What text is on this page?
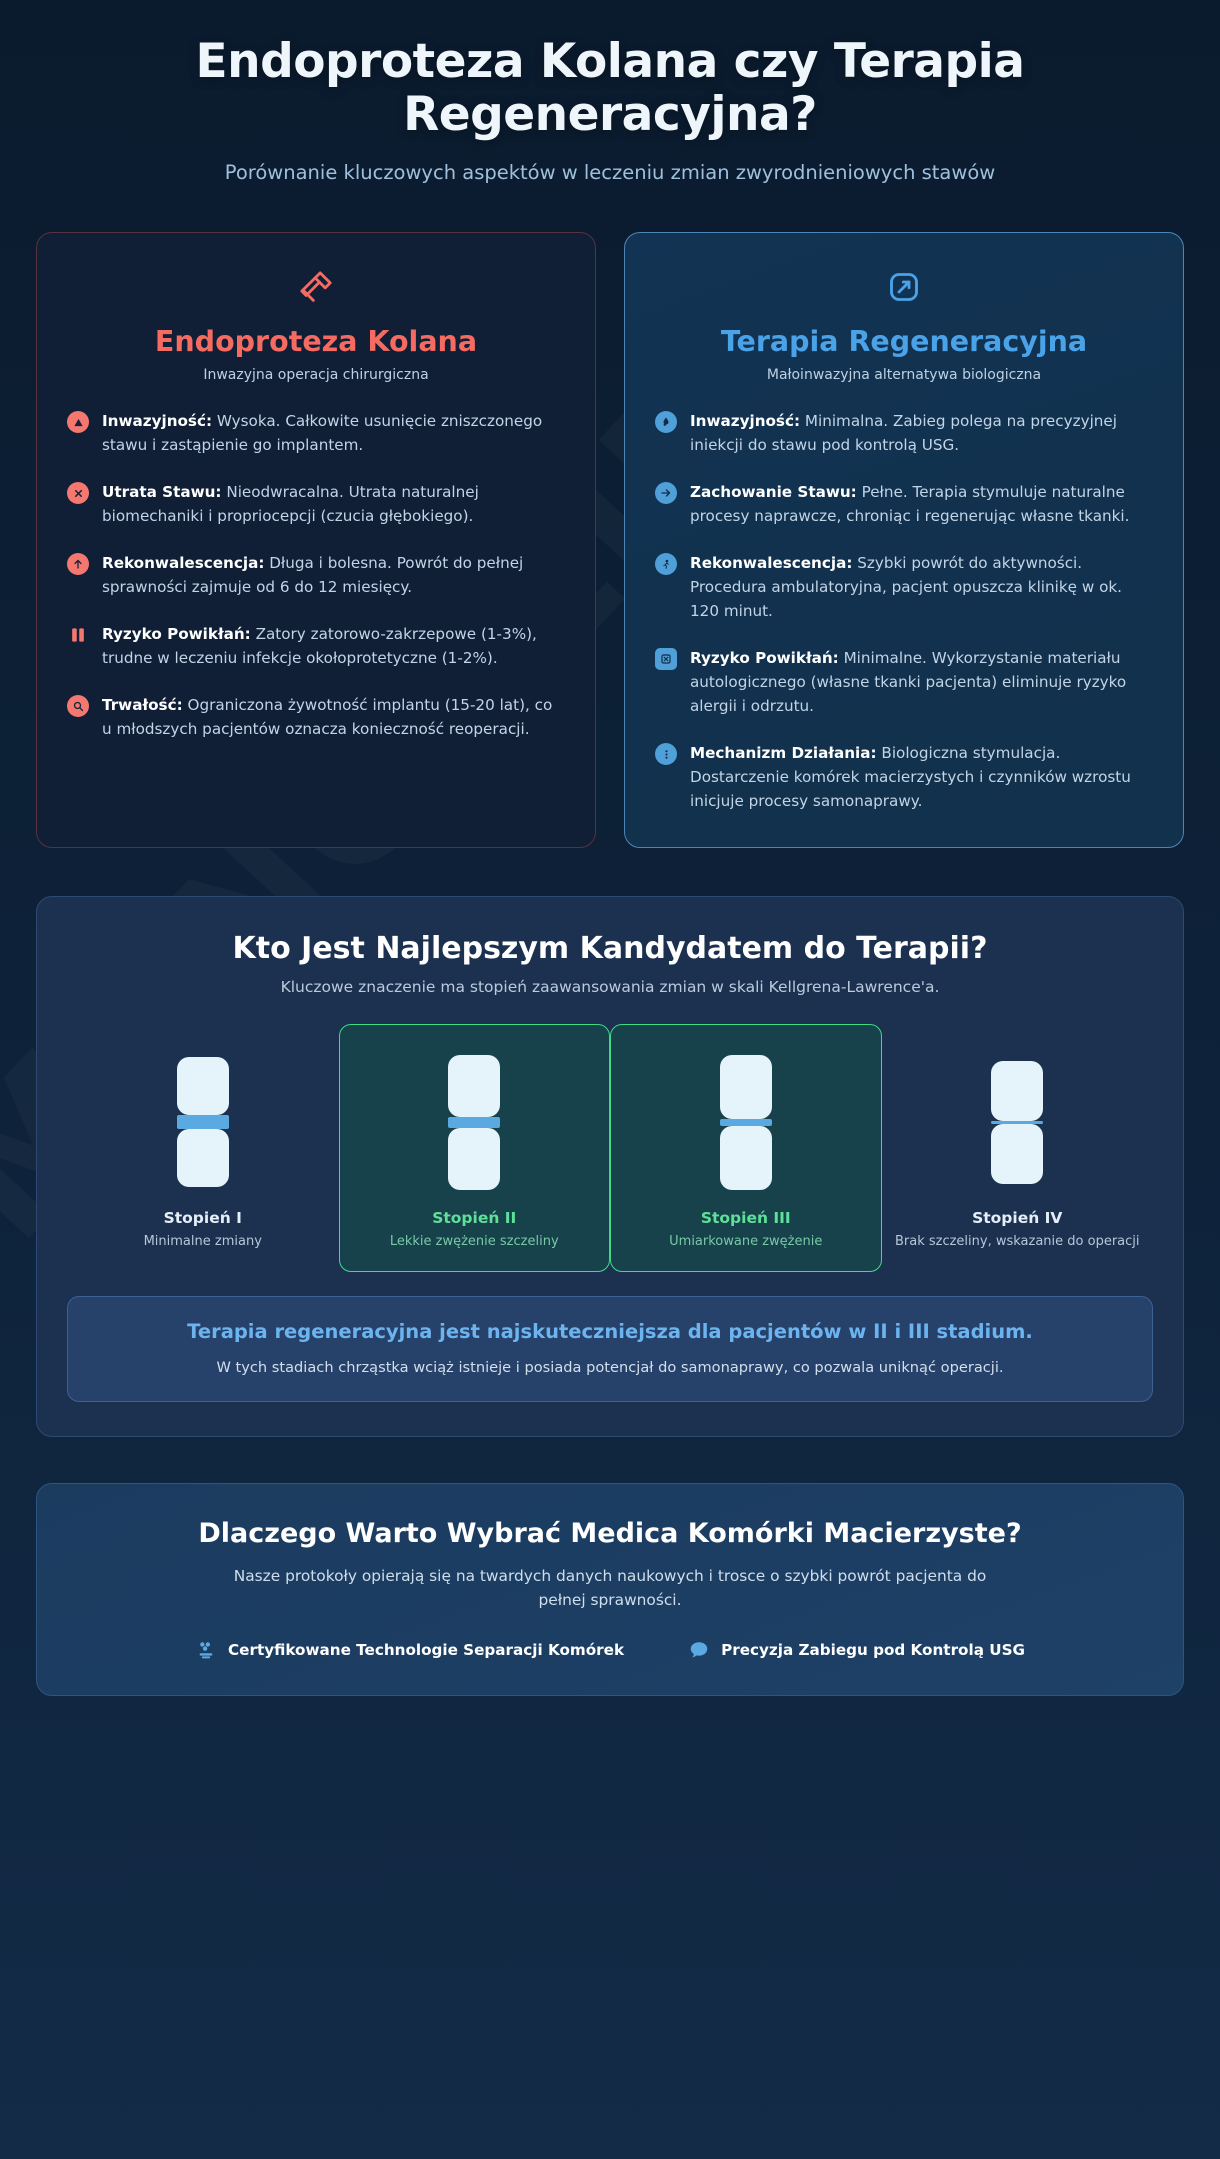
Endoproteza Kolana czy Terapia Regeneracyjna?
Porównanie kluczowych aspektów w leczeniu zmian zwyrodnieniowych stawów
Endoproteza Kolana
Inwazyjna operacja chirurgiczna
Inwazyjność: Wysoka. Całkowite usunięcie zniszczonego stawu i zastąpienie go implantem.
Utrata Stawu: Nieodwracalna. Utrata naturalnej biomechaniki i propriocepcji (czucia głębokiego).
Rekonwalescencja: Długa i bolesna. Powrót do pełnej sprawności zajmuje od 6 do 12 miesięcy.
Ryzyko Powikłań: Zatory zatorowo-zakrzepowe (1-3%), trudne w leczeniu infekcje okołoprotetyczne (1-2%).
Trwałość: Ograniczona żywotność implantu (15-20 lat), co u młodszych pacjentów oznacza konieczność reoperacji.
Terapia Regeneracyjna
Małoinwazyjna alternatywa biologiczna
Inwazyjność: Minimalna. Zabieg polega na precyzyjnej iniekcji do stawu pod kontrolą USG.
Zachowanie Stawu: Pełne. Terapia stymuluje naturalne procesy naprawcze, chroniąc i regenerując własne tkanki.
Rekonwalescencja: Szybki powrót do aktywności. Procedura ambulatoryjna, pacjent opuszcza klinikę w ok. 120 minut.
Ryzyko Powikłań: Minimalne. Wykorzystanie materiału autologicznego (własne tkanki pacjenta) eliminuje ryzyko alergii i odrzutu.
Mechanizm Działania: Biologiczna stymulacja. Dostarczenie komórek macierzystych i czynników wzrostu inicjuje procesy samonaprawy.
Kto Jest Najlepszym Kandydatem do Terapii?
Kluczowe znaczenie ma stopień zaawansowania zmian w skali Kellgrena-Lawrence'a.
Stopień I
Minimalne zmiany
Stopień II
Lekkie zwężenie szczeliny
Stopień III
Umiarkowane zwężenie
Stopień IV
Brak szczeliny, wskazanie do operacji
Terapia regeneracyjna jest najskuteczniejsza dla pacjentów w II i III stadium.
W tych stadiach chrząstka wciąż istnieje i posiada potencjał do samonaprawy, co pozwala uniknąć operacji.
Dlaczego Warto Wybrać Medica Komórki Macierzyste?
Nasze protokoły opierają się na twardych danych naukowych i trosce o szybki powrót pacjenta do pełnej sprawności.
Certyfikowane Technologie Separacji Komórek	Precyzja Zabiegu pod Kontrolą USG
